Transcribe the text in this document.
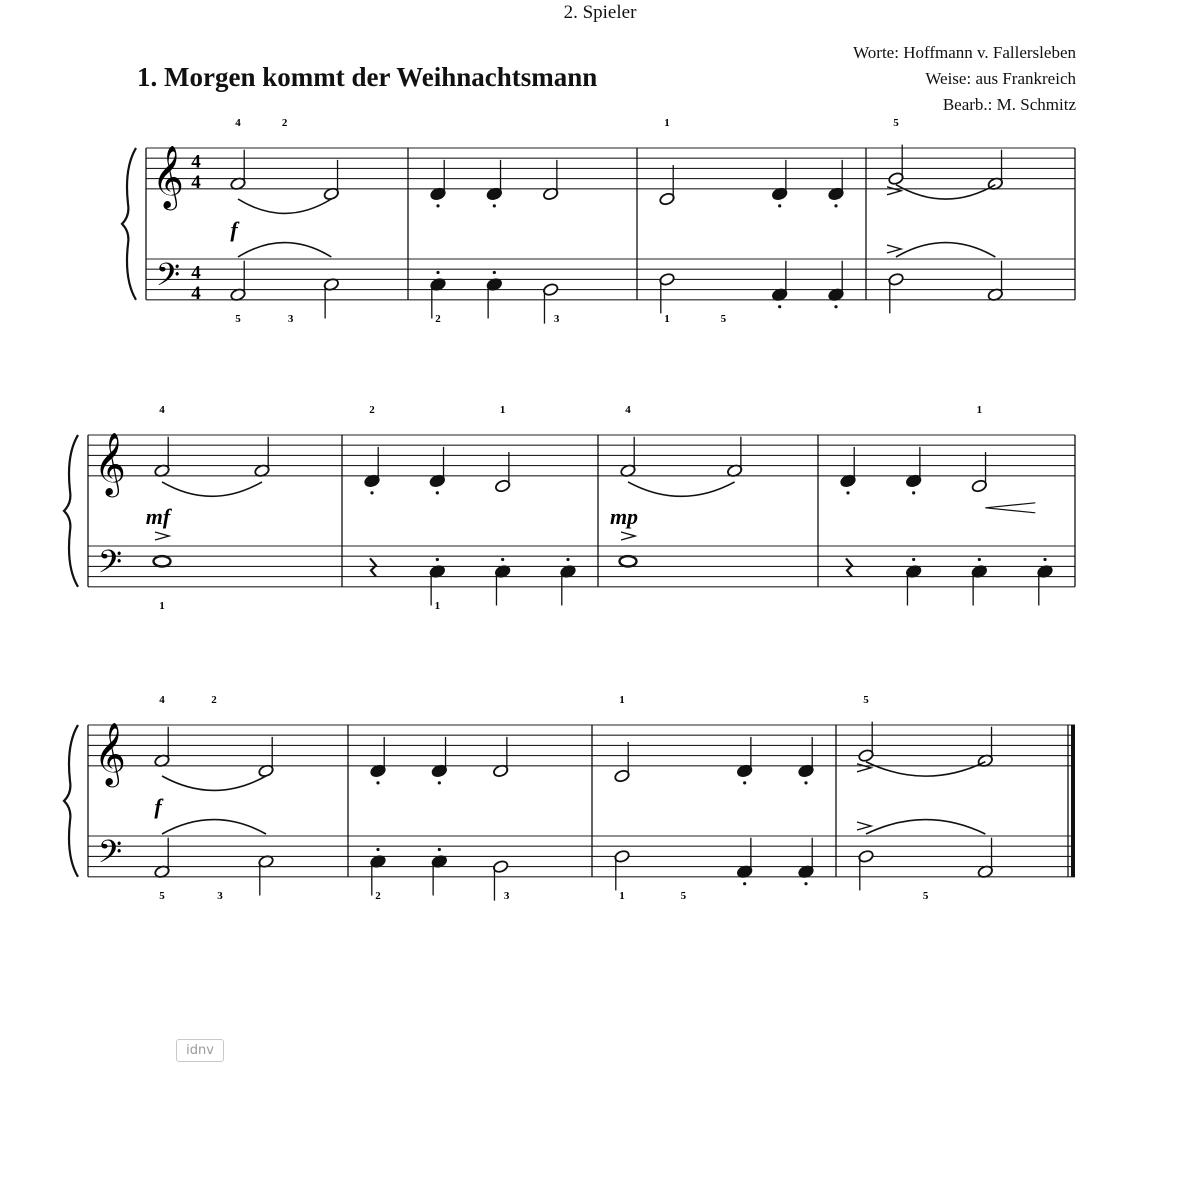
2. Spieler
1. Morgen kommt der Weihnachtsmann
Worte: Hoffmann v. Fallersleben
Weise: aus Frankreich
Bearb.: M. Schmitz
𝄞
𝄢
4
4
4
4
4	2
5	3
f
2	3
1
1	5
5
𝄞
𝄢
4
1
mf
2	1
1
4
mp
1
𝄞
𝄢
4	2
5	3
f
2	3
1
1	5
5
5
idnv
